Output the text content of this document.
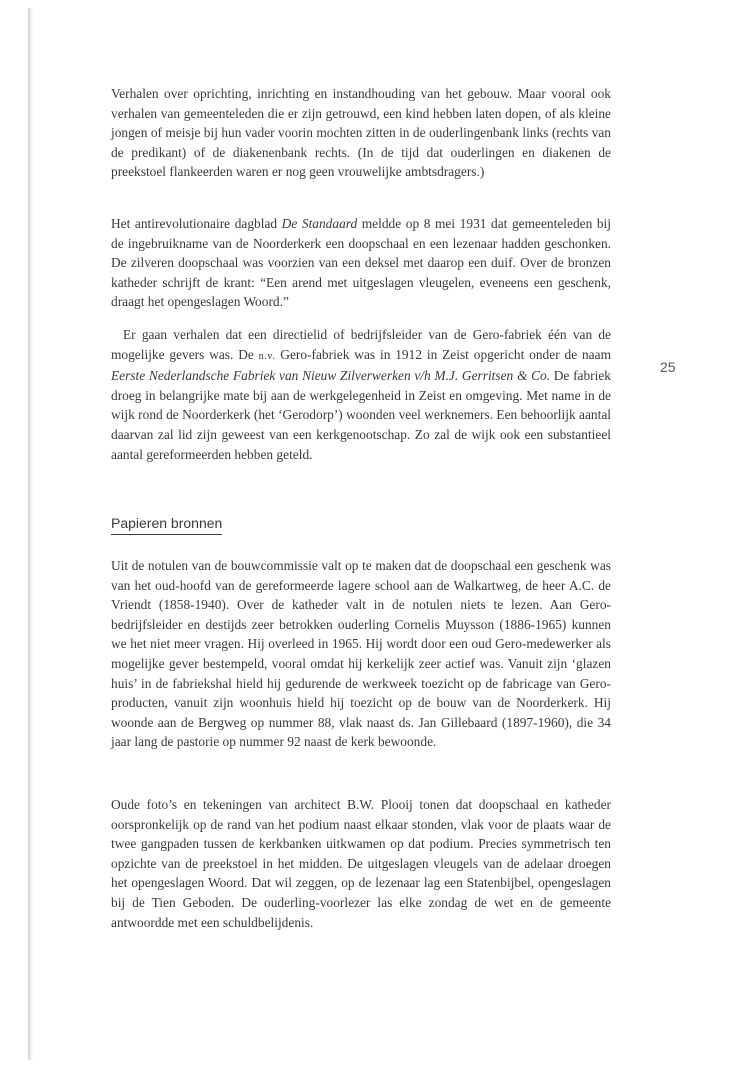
Verhalen over oprichting, inrichting en instandhouding van het gebouw. Maar vooral ook verhalen van gemeenteleden die er zijn getrouwd, een kind hebben laten dopen, of als kleine jongen of meisje bij hun vader voorin mochten zitten in de ouderlingenbank links (rechts van de predikant) of de diakenenbank rechts. (In de tijd dat ouderlingen en diakenen de preekstoel flankeerden waren er nog geen vrouwelijke ambtsdragers.)

Het antirevolutionaire dagblad De Standaard meldde op 8 mei 1931 dat gemeenteleden bij de ingebruikname van de Noorderkerk een doopschaal en een lezenaar hadden geschonken. De zilveren doopschaal was voorzien van een deksel met daarop een duif. Over de bronzen katheder schrijft de krant: “Een arend met uitgeslagen vleugelen, eveneens een geschenk, draagt het opengeslagen Woord.”

Er gaan verhalen dat een directielid of bedrijfsleider van de Gero-fabriek één van de mogelijke gevers was. De n.v. Gero-fabriek was in 1912 in Zeist opgericht onder de naam Eerste Nederlandsche Fabriek van Nieuw Zilverwerken v/h M.J. Gerritsen & Co. De fabriek droeg in belangrijke mate bij aan de werkgelegenheid in Zeist en omgeving. Met name in de wijk rond de Noorderkerk (het ‘Gerodorp’) woonden veel werknemers. Een behoorlijk aantal daarvan zal lid zijn geweest van een kerkgenootschap. Zo zal de wijk ook een substantieel aantal gereformeerden hebben geteld.

Papieren bronnen

Uit de notulen van de bouwcommissie valt op te maken dat de doopschaal een geschenk was van het oud-hoofd van de gereformeerde lagere school aan de Walkartweg, de heer A.C. de Vriendt (1858-1940). Over de katheder valt in de notulen niets te lezen. Aan Gero-bedrijfsleider en destijds zeer betrokken ouderling Cornelis Muysson (1886-1965) kunnen we het niet meer vragen. Hij overleed in 1965. Hij wordt door een oud Gero-medewerker als mogelijke gever bestempeld, vooral omdat hij kerkelijk zeer actief was. Vanuit zijn ‘glazen huis’ in de fabriekshal hield hij gedurende de werkweek toezicht op de fabricage van Gero-producten, vanuit zijn woonhuis hield hij toezicht op de bouw van de Noorderkerk. Hij woonde aan de Bergweg op nummer 88, vlak naast ds. Jan Gillebaard (1897-1960), die 34 jaar lang de pastorie op nummer 92 naast de kerk bewoonde.

Oude foto’s en tekeningen van architect B.W. Plooij tonen dat doopschaal en katheder oorspronkelijk op de rand van het podium naast elkaar stonden, vlak voor de plaats waar de twee gangpaden tussen de kerkbanken uitkwamen op dat podium. Precies symmetrisch ten opzichte van de preekstoel in het midden. De uitgeslagen vleugels van de adelaar droegen het opengeslagen Woord. Dat wil zeggen, op de lezenaar lag een Statenbijbel, opengeslagen bij de Tien Geboden. De ouderling-voorlezer las elke zondag de wet en de gemeente antwoordde met een schuldbelijdenis.

25
